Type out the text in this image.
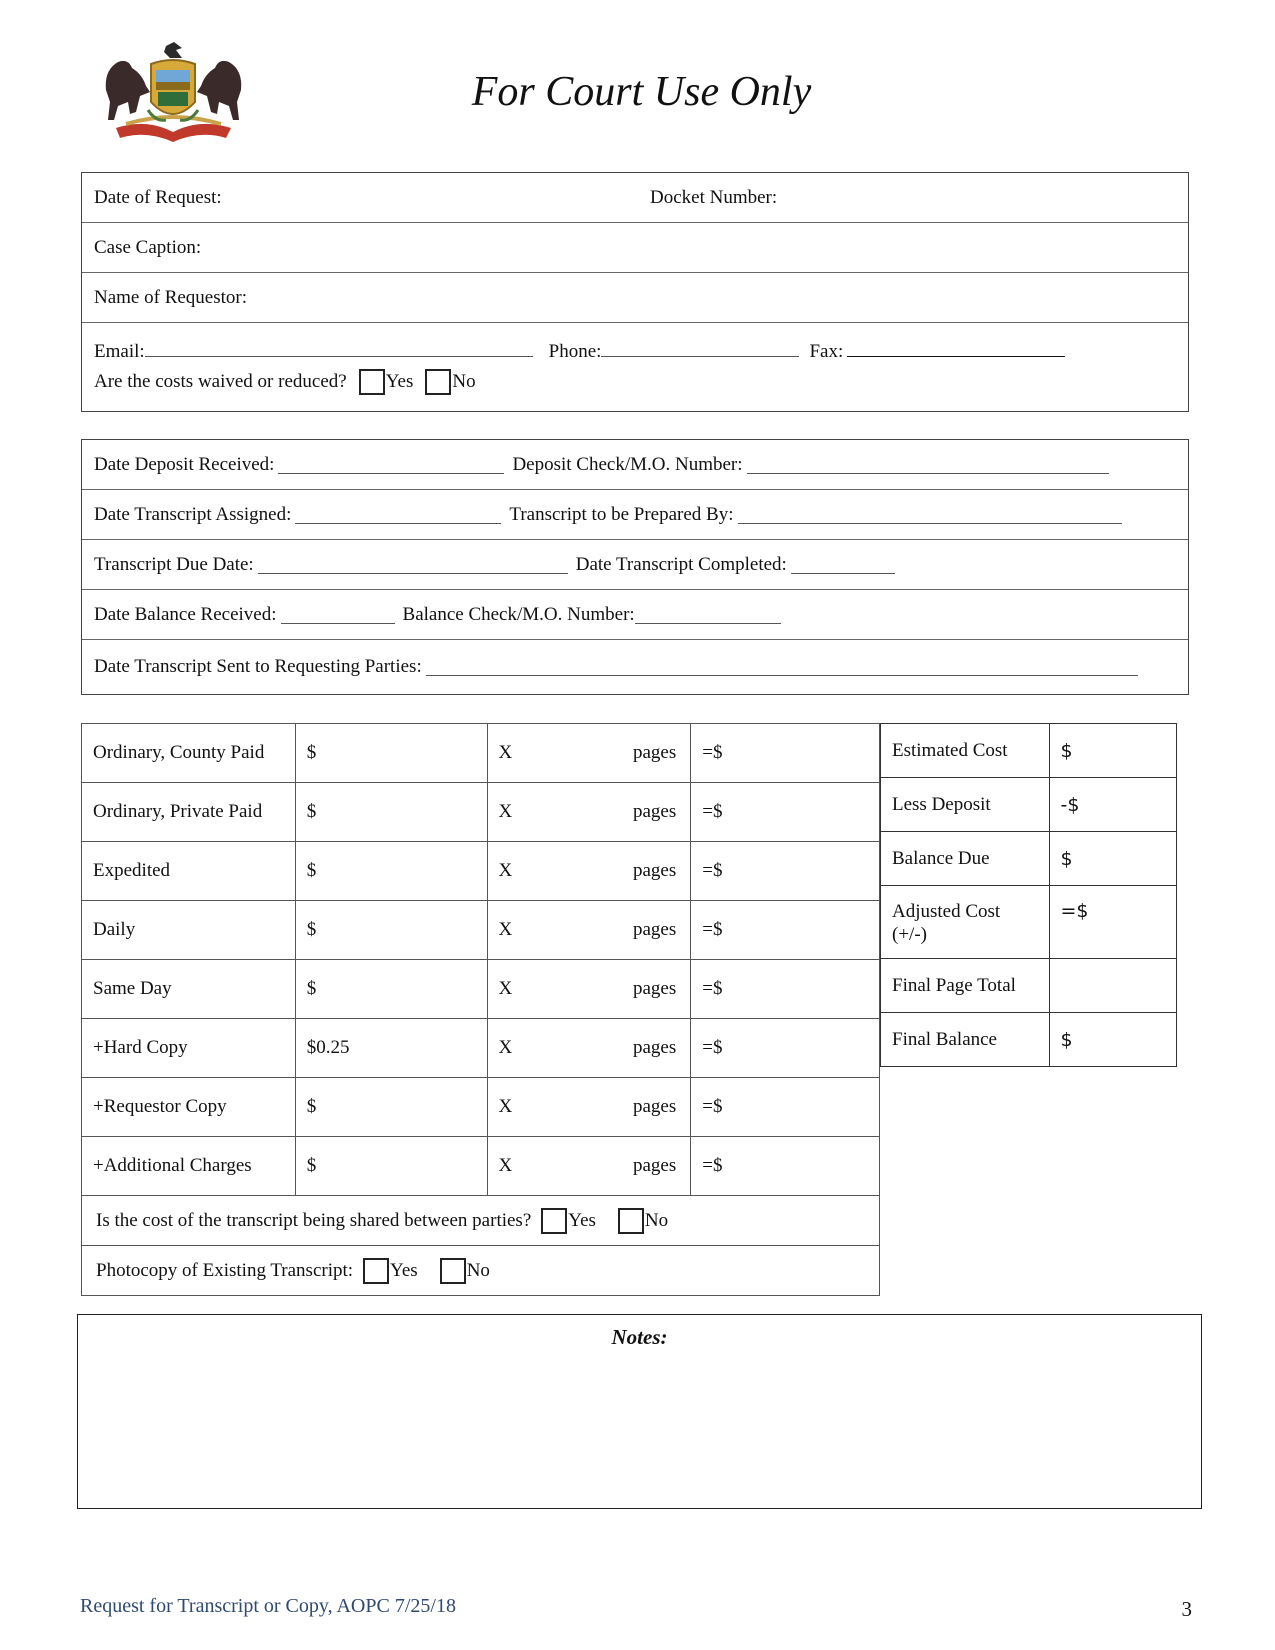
For Court Use Only
Date of Request:	Docket Number:
Case Caption:
Name of Requestor:
Email:	Phone:	Fax:
Are the costs waived or reduced? Yes No
Date Deposit Received:	Deposit Check/M.O. Number:
Date Transcript Assigned:	Transcript to be Prepared By:
Transcript Due Date:	Date Transcript Completed:
Date Balance Received:	Balance Check/M.O. Number:
Date Transcript Sent to Requesting Parties:
Ordinary, County Paid	$	X pages	=$
Ordinary, Private Paid	$	X pages	=$
Expedited	$	X pages	=$
Daily	$	X pages	=$
Same Day	$	X pages	=$
+Hard Copy	$0.25	X pages	=$
+Requestor Copy	$	X pages	=$
+Additional Charges	$	X pages	=$
Is the cost of the transcript being shared between parties? Yes No			
Photocopy of Existing Transcript: Yes No			
Estimated Cost	$
Less Deposit	-$
Balance Due	$

Adjusted Cost
(+/-)	=$
Final Page Total	
Final Balance	$
Notes:
Request for Transcript or Copy, AOPC 7/25/18	3
